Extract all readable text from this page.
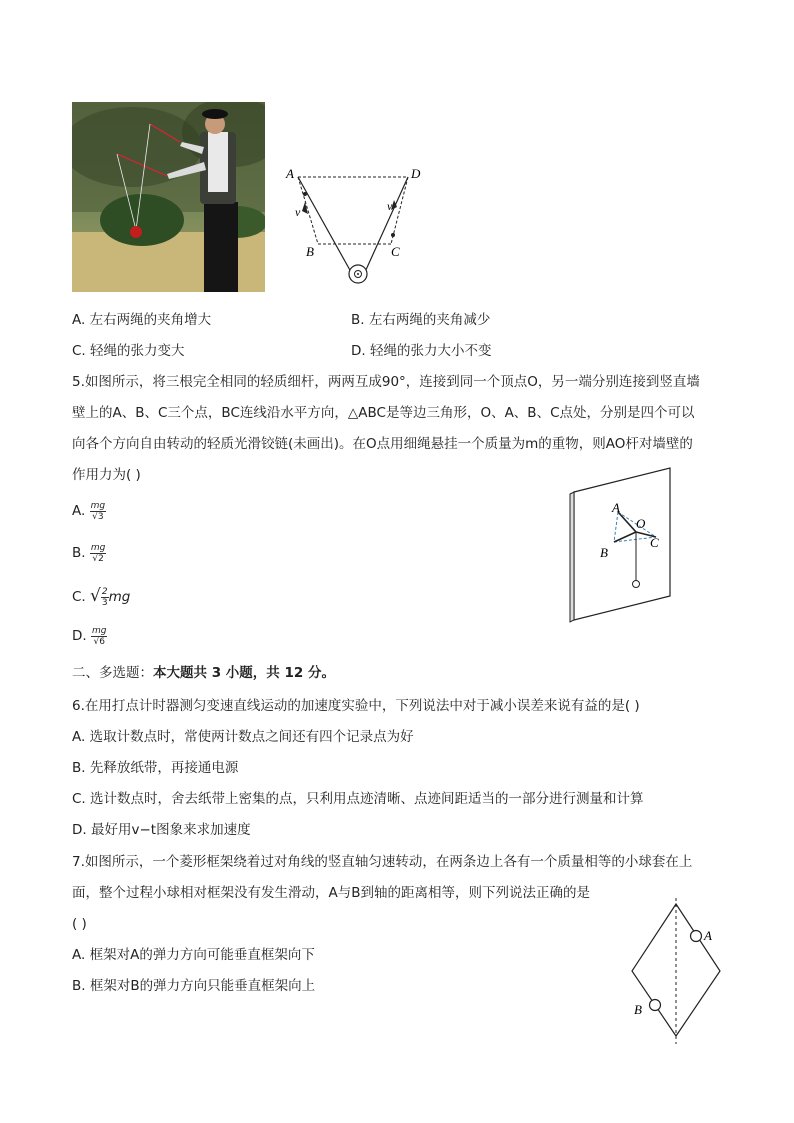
A	D
B	C
v	v
A. 左右两绳的夹角增大	B. 左右两绳的夹角减少
C. 轻绳的张力变大	D. 轻绳的张力大小不变
5.如图所示，将三根完全相同的轻质细杆，两两互成90°，连接到同一个顶点O，另一端分别连接到竖直墙
壁上的A、B、C三个点，BC连线沿水平方向，△ABC是等边三角形，O、A、B、C点处，分别是四个可以
向各个方向自由转动的轻质光滑铰链(未画出)。在O点用细绳悬挂一个质量为m的重物，则AO杆对墙壁的
作用力为( )
A. $\frac{mg}{√3}$
B. $\frac{mg}{√2}$
C. √ $\frac{2}{3}$ mg
D. $\frac{mg}{√6}$
A
O
B
C
二、多选题：本大题共 3 小题，共 12 分。
6.在用打点计时器测匀变速直线运动的加速度实验中，下列说法中对于减小误差来说有益的是( )
A. 选取计数点时，常使两计数点之间还有四个记录点为好
B. 先释放纸带，再接通电源
C. 选计数点时，舍去纸带上密集的点，只利用点迹清晰、点迹间距适当的一部分进行测量和计算
D. 最好用v−t图象来求加速度
7.如图所示，一个菱形框架绕着过对角线的竖直轴匀速转动，在两条边上各有一个质量相等的小球套在上
面，整个过程小球相对框架没有发生滑动，A与B到轴的距离相等，则下列说法正确的是
( )
A. 框架对A的弹力方向可能垂直框架向下
B. 框架对B的弹力方向只能垂直框架向上
A
B
